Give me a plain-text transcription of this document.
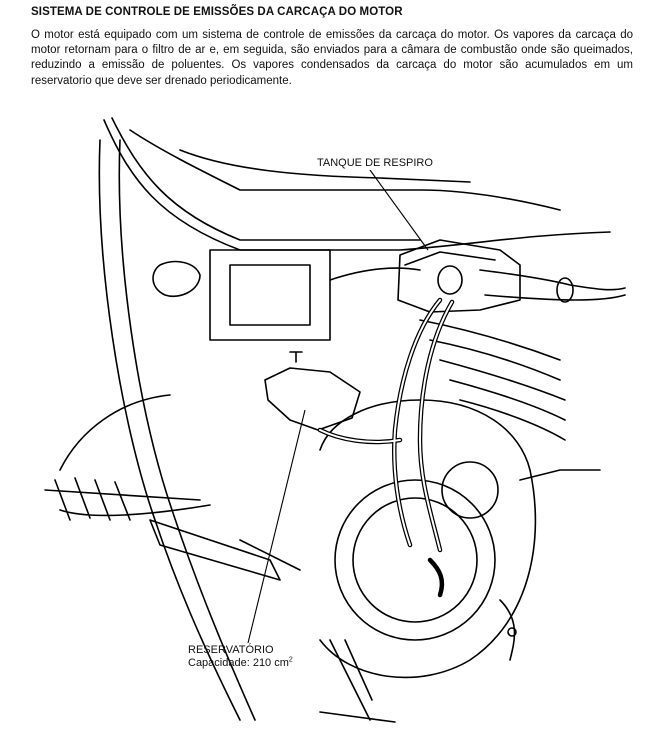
SISTEMA DE CONTROLE DE EMISSÕES DA CARCAÇA DO MOTOR
O motor está equipado com um sistema de controle de emissões da carcaça do motor. Os vapores da carcaça do motor retornam para o filtro de ar e, em seguida, são enviados para a câmara de combustão onde são queimados, reduzindo a emissão de poluentes. Os vapores condensados da carcaça do motor são acumulados em um reservatorio que deve ser drenado periodicamente.
TANQUE DE RESPIRO
RESERVATÓRIO
Capacidade: 210 $cm^2$
